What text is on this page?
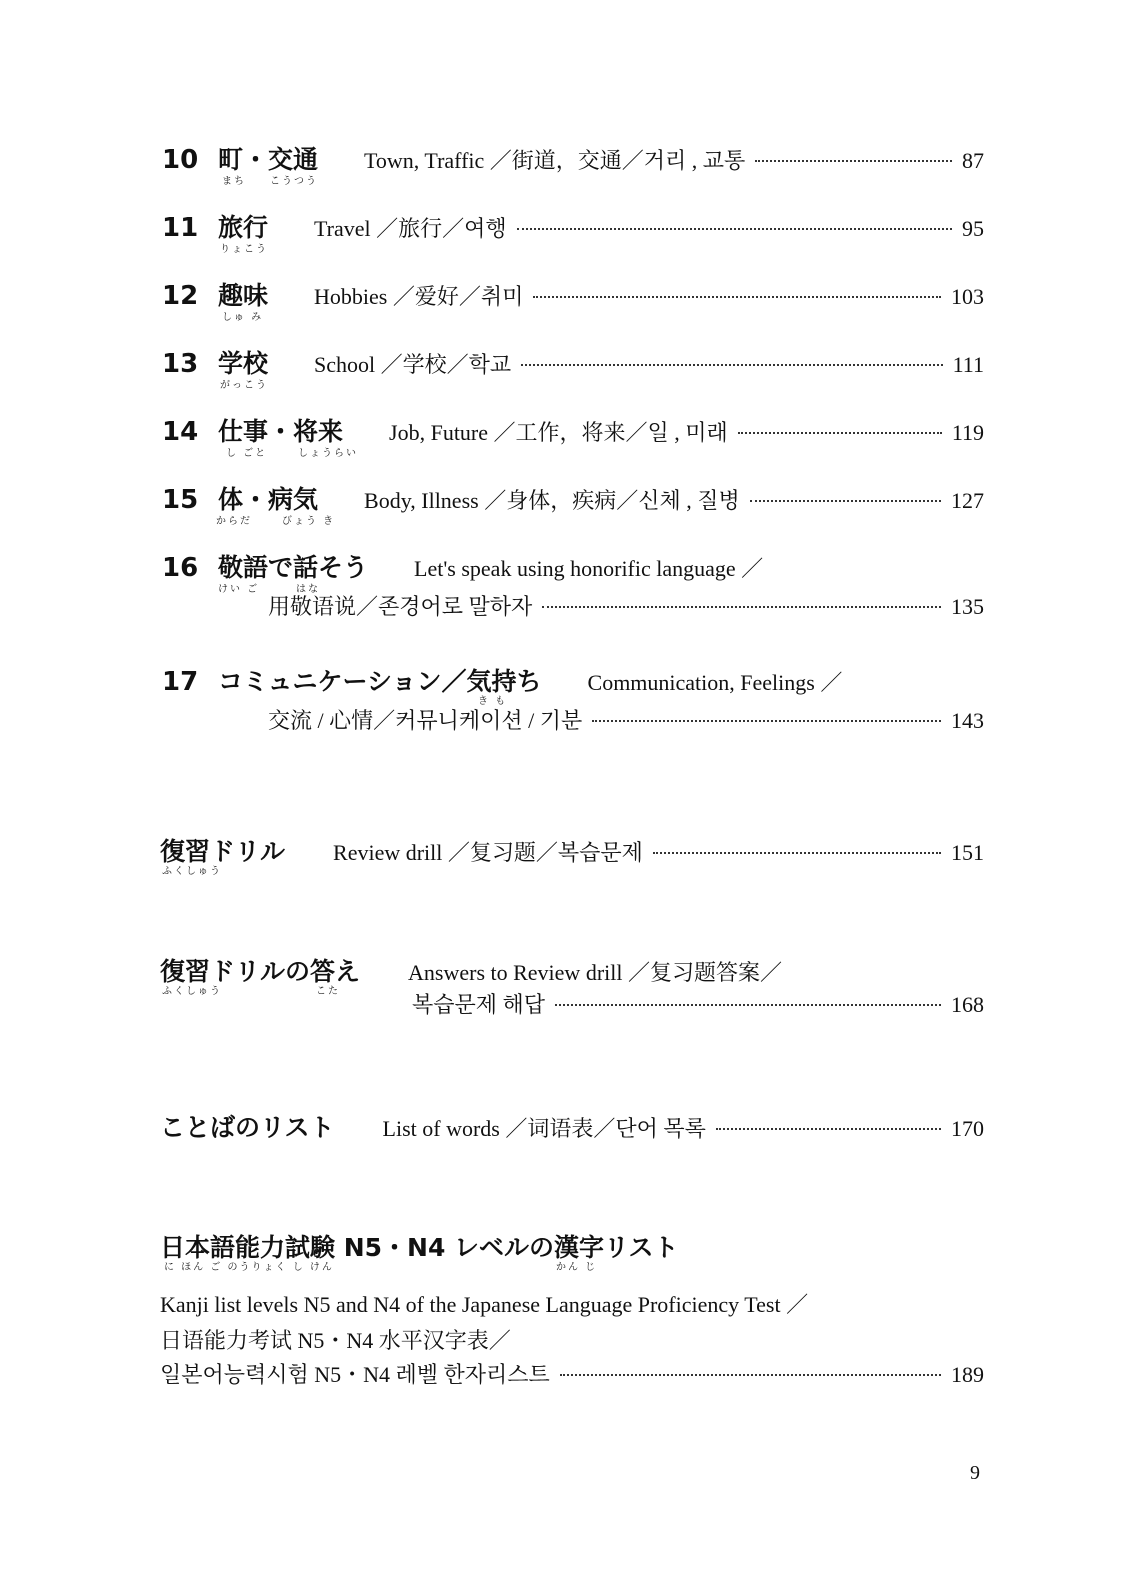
10 町・交通 Town, Traffic ／街道，交通／거리 , 교통	87
まち こうつう
11 旅行 Travel ／旅行／여행	95
りょこう
12 趣味 Hobbies ／爱好／취미	103
しゅ み
13 学校 School ／学校／학교	111
がっこう
14 仕事・将来 Job, Future ／工作，将来／일 , 미래	119
し ごと	しょうらい
15 体・病気 Body, Illness ／身体，疾病／신체 , 질병	127
からだ	びょう き
16 敬語で話そう Let's speak using honorific language ／
けい ご	はな
用敬语说／존경어로 말하자	135
17 コミュニケーション／気持ち Communication, Feelings ／
き も
交流 / 心情／커뮤니케이션 / 기분	143
復習ドリル Review drill ／复习题／복습문제	151
ふくしゅう
復習ドリルの答え Answers to Review drill ／复习题答案／
ふくしゅう	こた
복습문제 해답	168
ことばのリスト List of words ／词语表／단어 목록	170
日本語能力試験 N5・N4 レベルの漢字リスト
に ほん ご のうりょく し けん	かん じ
Kanji list levels N5 and N4 of the Japanese Language Proficiency Test ／
日语能力考试 N5・N4 水平汉字表／
일본어능력시험 N5・N4 레벨 한자리스트	189
9
